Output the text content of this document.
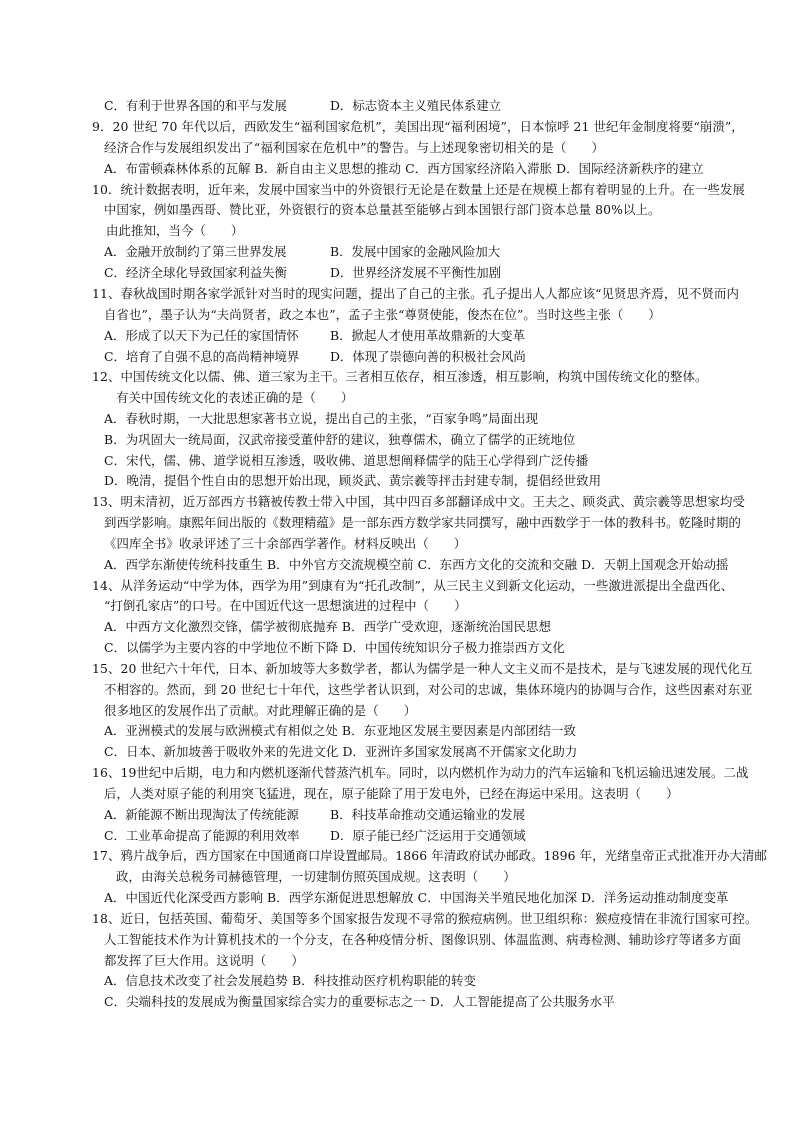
C．有利于世界各国的和平与发展	D．标志资本主义殖民体系建立
9．20 世纪 70 年代以后，西欧发生“福利国家危机”，美国出现“福利困境”，日本惊呼 21 世纪年金制度将要“崩溃”，
经济合作与发展组织发出了“福利国家在危机中”的警告。与上述现象密切相关的是（　　）
A．布雷顿森林体系的瓦解 B．新自由主义思想的推动 C．西方国家经济陷入滞胀 D．国际经济新秩序的建立
10．统计数据表明，近年来，发展中国家当中的外资银行无论是在数量上还是在规模上都有着明显的上升。在一些发展
中国家，例如墨西哥、赞比亚，外资银行的资本总量甚至能够占到本国银行部门资本总量 80%以上。
由此推知，当今（　　）
A．金融开放制约了第三世界发展	B．发展中国家的金融风险加大
C．经济全球化导致国家利益失衡	D．世界经济发展不平衡性加剧
11、春秋战国时期各家学派针对当时的现实问题，提出了自己的主张。孔子提出人人都应该“见贤思齐焉，见不贤而内
自省也”，墨子认为“夫尚贤者，政之本也”，孟子主张“尊贤使能，俊杰在位”。当时这些主张（　　）
A．形成了以天下为己任的家国情怀	B．掀起人才使用革故鼎新的大变革
C．培育了自强不息的高尚精神境界 D．体现了崇德向善的积极社会风尚
12、中国传统文化以儒、佛、道三家为主干。三者相互依存，相互渗透，相互影响，构筑中国传统文化的整体。
有关中国传统文化的表述正确的是（　　）
A．春秋时期，一大批思想家著书立说，提出自己的主张，“百家争鸣”局面出现
B．为巩固大一统局面，汉武帝接受董仲舒的建议，独尊儒术，确立了儒学的正统地位
C．宋代，儒、佛、道学说相互渗透，吸收佛、道思想阐释儒学的陆王心学得到广泛传播
D．晚清，提倡个性自由的思想开始出现，顾炎武、黄宗羲等抨击封建专制，提倡经世致用
13、明末清初，近万部西方书籍被传教士带入中国，其中四百多部翻译成中文。王夫之、顾炎武、黄宗羲等思想家均受
到西学影响。康熙年间出版的《数理精蕴》是一部东西方数学家共同撰写，融中西数学于一体的教科书。乾隆时期的
《四库全书》收录评述了三十余部西学著作。材料反映出（　　）
A．西学东渐使传统科技重生 B．中外官方交流规模空前 C．东西方文化的交流和交融 D．天朝上国观念开始动摇
14、从洋务运动“中学为体，西学为用”到康有为“托孔改制”，从三民主义到新文化运动，一些激进派提出全盘西化、
“打倒孔家店”的口号。在中国近代这一思想演进的过程中（　　）
A．中西方文化激烈交锋，儒学被彻底抛弃 B．西学广受欢迎，逐渐统治国民思想
C．以儒学为主要内容的中学地位不断下降 D．中国传统知识分子极力推崇西方文化
15、20 世纪六十年代，日本、新加坡等大多数学者，都认为儒学是一种人文主义而不是技术，是与飞速发展的现代化互
不相容的。然而，到 20 世纪七十年代，这些学者认识到，对公司的忠诚，集体环境内的协调与合作，这些因素对东亚
很多地区的发展作出了贡献。对此理解正确的是（　　）
A．亚洲模式的发展与欧洲模式有相似之处 B．东亚地区发展主要因素是内部团结一致
C．日本、新加坡善于吸收外来的先进文化 D．亚洲许多国家发展离不开儒家文化助力
16、19世纪中后期，电力和内燃机逐渐代替蒸汽机车。同时，以内燃机作为动力的汽车运输和飞机运输迅速发展。二战
后，人类对原子能的利用突飞猛进，现在，原子能除了用于发电外，已经在海运中采用。这表明（　　）
A．新能源不断出现淘汰了传统能源	B．科技革命推动交通运输业的发展
C．工业革命提高了能源的利用效率 D．原子能已经广泛运用于交通领域
17、鸦片战争后，西方国家在中国通商口岸设置邮局。1866 年清政府试办邮政。1896 年，光绪皇帝正式批准开办大清邮
政，由海关总税务司赫德管理，一切建制仿照英国成规。这表明（　　）
A．中国近代化深受西方影响 B．西学东渐促进思想解放 C．中国海关半殖民地化加深 D．洋务运动推动制度变革
18、近日，包括英国、葡萄牙、美国等多个国家报告发现不寻常的猴痘病例。世卫组织称：猴痘疫情在非流行国家可控。
人工智能技术作为计算机技术的一个分支，在各种疫情分析、图像识别、体温监测、病毒检测、辅助诊疗等诸多方面
都发挥了巨大作用。这说明（　　）
A．信息技术改变了社会发展趋势 B．科技推动医疗机构职能的转变
C．尖端科技的发展成为衡量国家综合实力的重要标志之一 D．人工智能提高了公共服务水平
